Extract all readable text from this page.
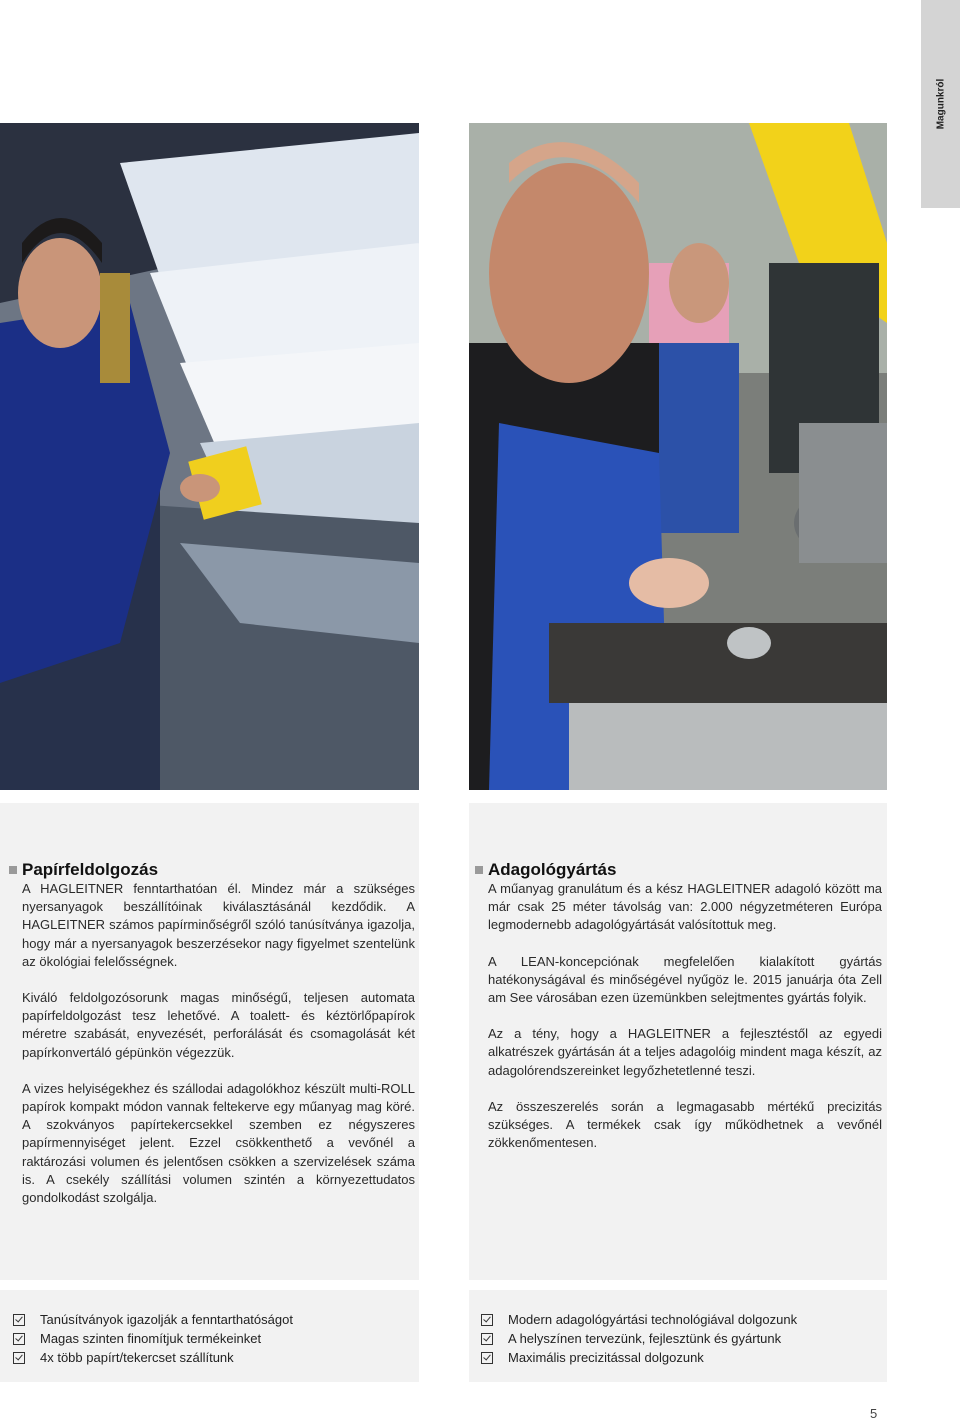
Magunkról
Papírfeldolgozás

A HAGLEITNER fenntarthatóan él. Mindez már a szükséges nyersanyagok beszállítóinak kiválasztásánál kezdődik. A HAGLEITNER számos papírminőségről szóló tanúsítványa igazolja, hogy már a nyersanyagok beszerzésekor nagy figyelmet szentelünk az ökológiai felelősségnek.

Kiváló feldolgozósorunk magas minőségű, teljesen automata papírfeldolgozást tesz lehetővé. A toalett- és kéztörlőpapírok méretre szabását, enyvezését, perforálását és csomagolását két papírkonvertáló gépünkön végezzük.

A vizes helyiségekhez és szállodai adagolókhoz készült multi-ROLL papírok kompakt módon vannak feltekerve egy műanyag mag köré. A szokványos papírtekercsekkel szemben ez négyszeres papírmennyiséget jelent. Ezzel csökkenthető a vevőnél a raktározási volumen és jelentősen csökken a szervizelések száma is. A csekély szállítási volumen szintén a környezettudatos gondolkodást szolgálja.

Adagológyártás

A műanyag granulátum és a kész HAGLEITNER adagoló között ma már csak 25 méter távolság van: 2.000 négyzetméteren Európa legmodernebb adagológyártását valósítottuk meg.

A LEAN-koncepciónak megfelelően kialakított gyártás hatékonyságával és minőségével nyűgöz le. 2015 januárja óta Zell am See városában ezen üzemünkben selejtmentes gyártás folyik.

Az a tény, hogy a HAGLEITNER a fejlesztéstől az egyedi alkatrészek gyártásán át a teljes adagolóig mindent maga készít, az adagolórendszereinket legyőzhetetlenné teszi.

Az összeszerelés során a legmagasabb mértékű precizitás szükséges. A termékek csak így működhetnek a vevőnél zökkenőmentesen.

Tanúsítványok igazolják a fenntarthatóságot
Magas szinten finomítjuk termékeinket
4x több papírt/tekercset szállítunk
Modern adagológyártási technológiával dolgozunk
A helyszínen tervezünk, fejlesztünk és gyártunk
Maximális precizitással dolgozunk
5
